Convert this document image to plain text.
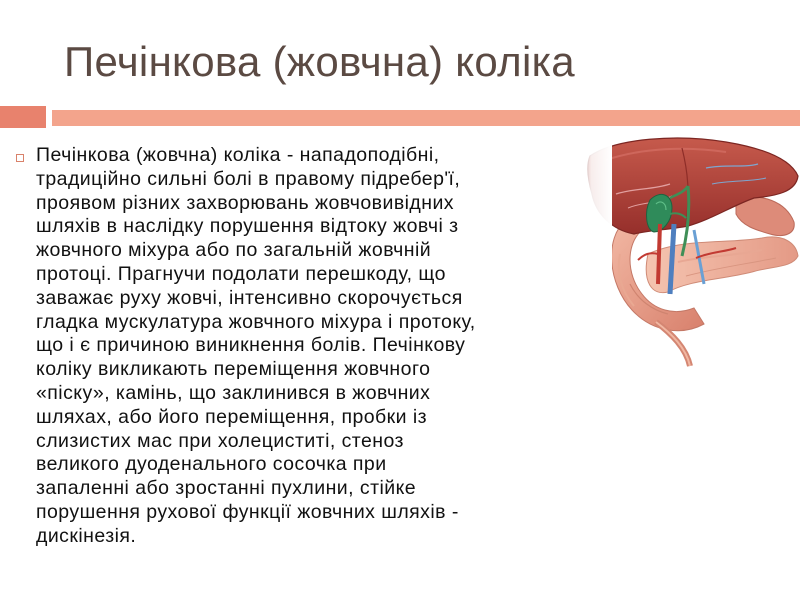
Печінкова (жовчна) коліка
Печінкова (жовчна) коліка - нападоподібні,
традиційно сильні болі в правому підребер'ї,
проявом різних захворювань жовчовивідних
шляхів в наслідку порушення відтоку жовчі з
жовчного міхура або по загальній жовчній
протоці. Прагнучи подолати перешкоду, що
заважає руху жовчі, інтенсивно скорочується
гладка мускулатура жовчного міхура і протоку,
що і є причиною виникнення болів. Печінкову
коліку викликають переміщення жовчного
«піску», камінь, що заклинився в жовчних
шляхах, або його переміщення, пробки із
слизистих мас при холециститі, стеноз
великого дуоденального сосочка при
запаленні або зростанні пухлини, стійке
порушення рухової функції жовчних шляхів -
дискінезія.
